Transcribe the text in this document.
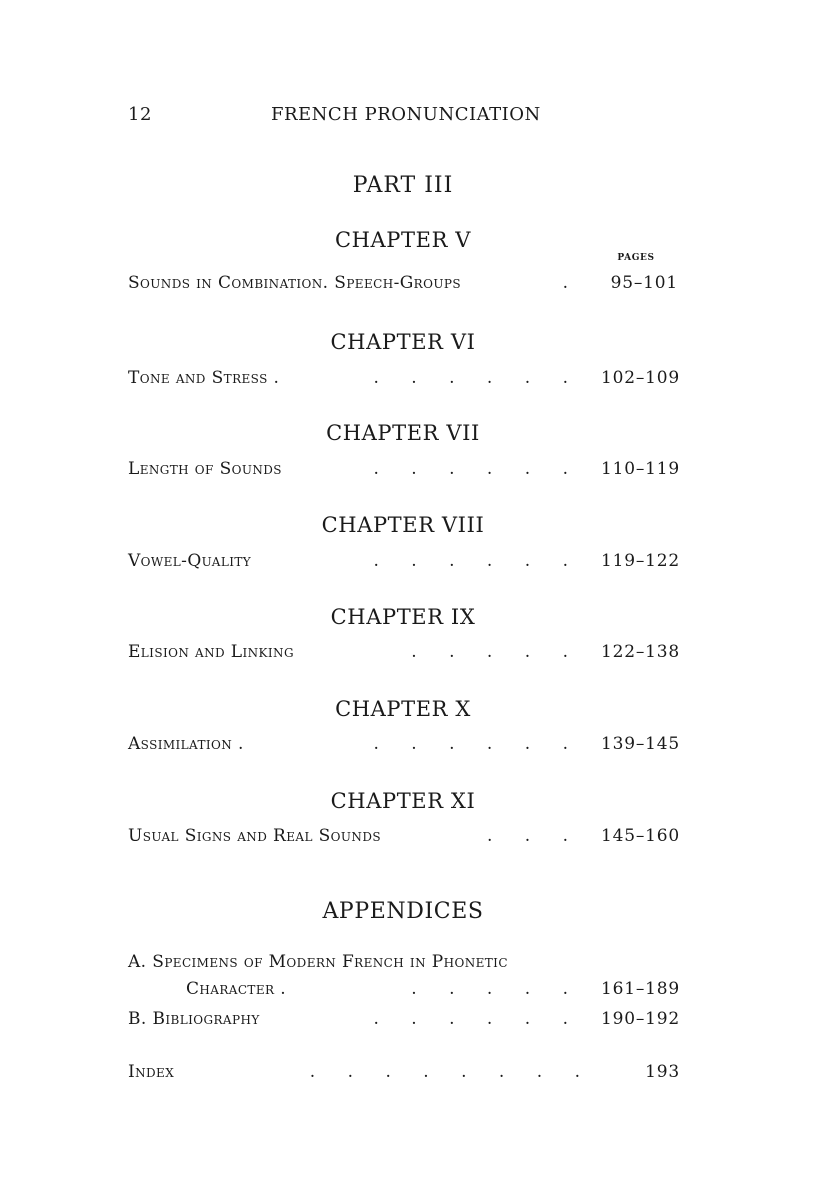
12	FRENCH PRONUNCIATION
PART III
CHAPTER V
PAGES
Sounds in Combination. Speech-Groups	.	95–101
CHAPTER VI
Tone and Stress .	.      .      .      .      .      . 102–109
CHAPTER VII
Length of Sounds	.      .      .      .      .      . 110–119
CHAPTER VIII
Vowel-Quality	.      .      .      .      .      . 119–122
CHAPTER IX
Elision and Linking	.      .      .      .      . 122–138
CHAPTER X
Assimilation .	.      .      .      .      .      . 139–145
CHAPTER XI
Usual Signs and Real Sounds	.      .      . 145–160
APPENDICES
A. Specimens of Modern French in Phonetic
Character .	.      .      .      .      . 161–189
B. Bibliography	.      .      .      .      .      . 190–192
Index	.      .      .      .      .      .      .      .	193
